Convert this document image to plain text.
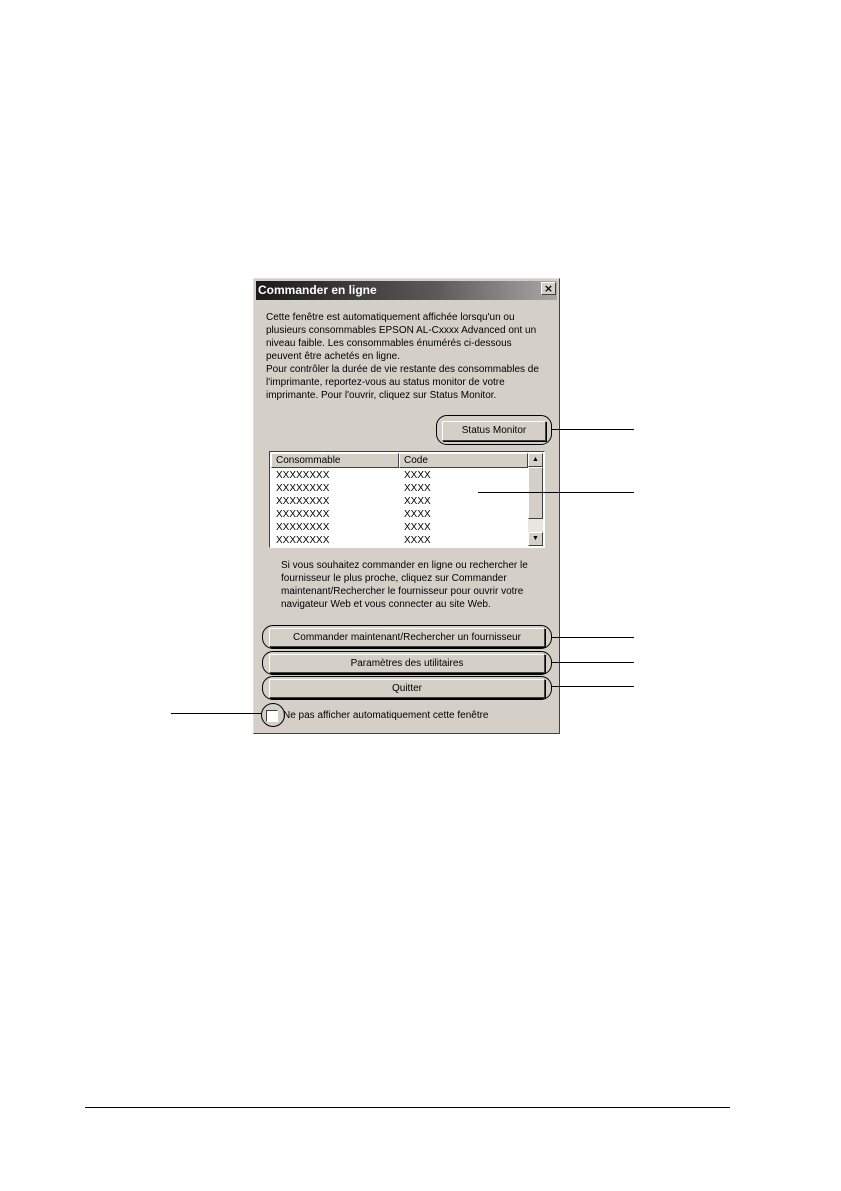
Commander en ligne	×
Cette fenêtre est automatiquement affichée lorsqu'un ou
plusieurs consommables EPSON AL-Cxxxx Advanced ont un
niveau faible. Les consommables énumérés ci-dessous
peuvent être achetés en ligne.
Pour contrôler la durée de vie restante des consommables de
l'imprimante, reportez-vous au status monitor de votre
imprimante. Pour l'ouvrir, cliquez sur Status Monitor.
Status Monitor
Consommable	Code
XXXXXXXX	XXXX
XXXXXXXX	XXXX
XXXXXXXX	XXXX
XXXXXXXX	XXXX
XXXXXXXX	XXXX
XXXXXXXX	XXXX
▲
▼
Si vous souhaitez commander en ligne ou rechercher le
fournisseur le plus proche, cliquez sur Commander
maintenant/Rechercher le fournisseur pour ouvrir votre
navigateur Web et vous connecter au site Web.
Commander maintenant/Rechercher un fournisseur
Paramètres des utilitaires
Quitter
Ne pas afficher automatiquement cette fenêtre
